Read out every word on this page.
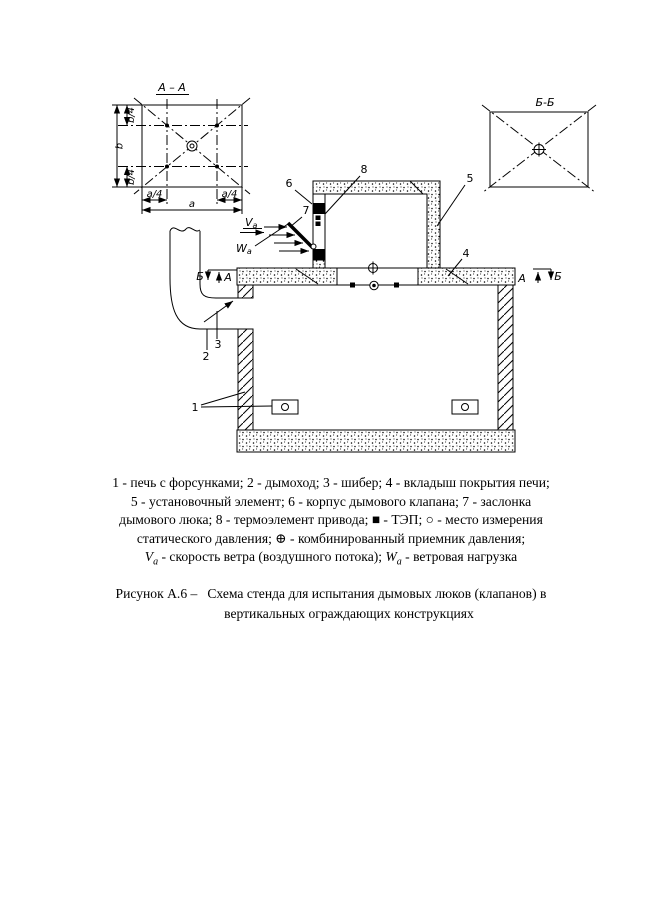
А – А
b
b/4
b/4
a/4	a/4
a
Б-Б
3
2
Va
Wa
Б А	А	Б
1
4
5
6
7
8
1 - печь с форсунками; 2 - дымоход; 3 - шибер; 4 - вкладыш покрытия печи;
5 - установочный элемент; 6 - корпус дымового клапана; 7 - заслонка
дымового люка; 8 - термоэлемент привода; ■ - ТЭП; ○ - место измерения
статического давления; ⊕ - комбинированный приемник давления;
$V_a$ - скорость ветра (воздушного потока); $W_a$ - ветровая нагрузка
Рисунок А.6 – Схема стенда для испытания дымовых люков (клапанов) в
вертикальных ограждающих конструкциях
